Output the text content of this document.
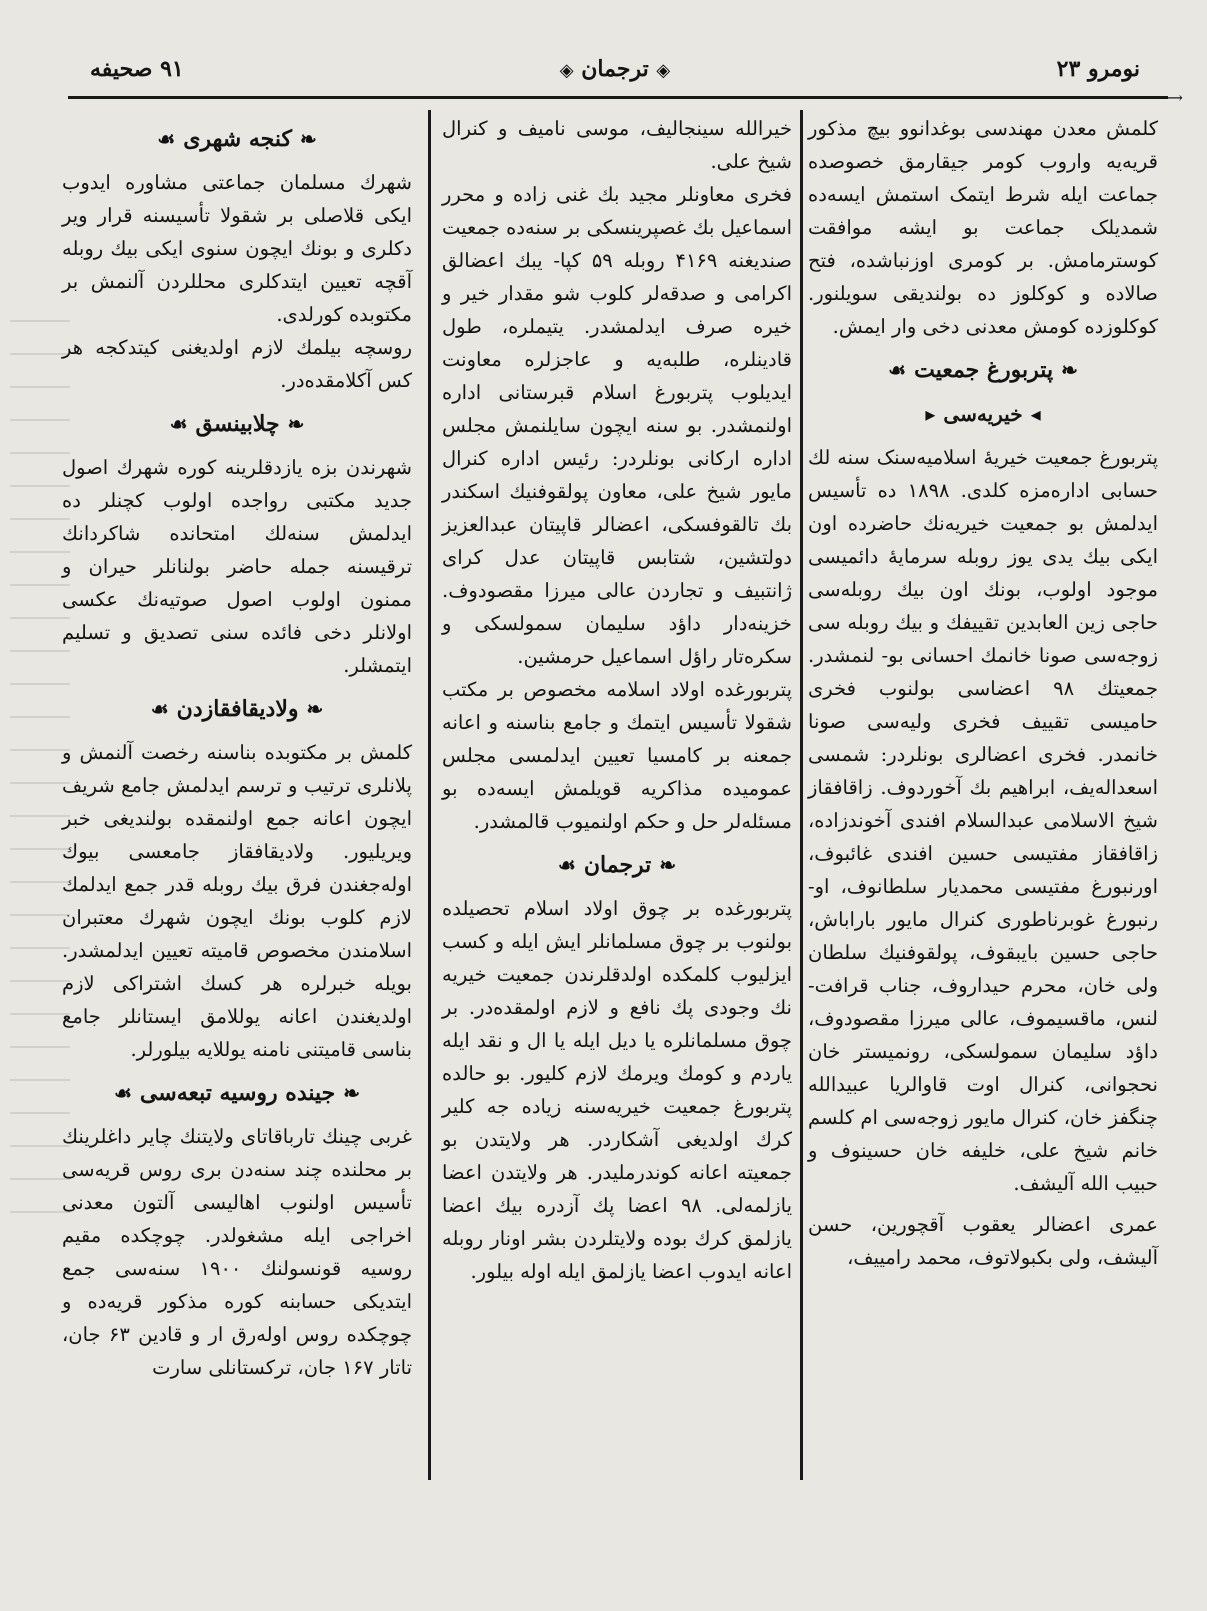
۹۱ صحیفه	◈ ترجمان ◈	نومرو ۲۳
⟶

کلمش معدن مهندسی بوغدانوو بیچ مذکور قریه‌یه واروب کومر جیقارمق خصوصده جماعت ایله شرط ایتمک استمش ایسه‌ده شمدیلک جماعت بو ایشه موافقت کوسترمامش. بر کومری اوزنباشده، فتح صالاده و کوکلوز ده بولندیقی سویلنور. کوکلوزده کومش معدنی دخی وار ایمش.

❧پتربورغ جمعیت☙
◂خیریه‌سی▸

پتربورغ جمعیت خیریهٔ اسلامیه‌سنک سنه لك حسابی اداره‌مزه کلدی. ۱۸۹۸ ده تأسیس ایدلمش بو جمعیت خیریه‌نك حاضرده اون ایکی بیك یدی یوز روبله سرمایهٔ دائمیسی موجود اولوب، بونك اون بیك روبله‌سی حاجی زین العابدین تقییفك و بیك روبله سی زوجه‌سی صونا خانمك احسانی بو- لنمشدر. جمعیتك ۹۸ اعضاسی بولنوب فخری حامیسی تقییف فخری ولیه‌سی صونا خانمدر. فخری اعضالری بونلردر: شمسی اسعداله‌یف، ابراهیم بك آخوردوف. زاقافقاز شیخ الاسلامی عبدالسلام افندی آخوندزاده، زاقافقاز مفتیسی حسین افندی غائبوف، اورنبورغ مفتیسی محمدیار سلطانوف، او- رنبورغ غوبرناطوری کنرال مایور باراباش، حاجی حسین بایبقوف، پولقوفنیك سلطان ولی خان، محرم حیداروف، جناب قرافت- لنس، ماقسیموف، عالی میرزا مقصودوف، داؤد سلیمان سمولسکی، رونمیستر خان نحجوانی، کنرال اوت قاوالریا عبیدالله چنگفز خان، کنرال مایور زوجه‌سی ام کلسم خانم شیخ علی، خلیفه خان حسینوف و حبیب الله آلیشف.

عمری اعضالر یعقوب آقچورین، حسن آلیشف، ولی بکبولاتوف، محمد رامییف،

خیرالله سینجالیف، موسی نامیف و کنرال شیخ علی.

فخری معاونلر مجید بك غنی زاده و محرر اسماعیل بك غصپرینسکی بر سنه‌ده جمعیت صندیغنه ۴۱۶۹ روبله ۵۹ کپا- یبك اعضالق اکرامی و صدقه‌لر کلوب شو مقدار خیر و خیره صرف ایدلمشدر. یتیملره، طول قادینلره، طلبه‌یه و عاجزلره معاونت ایدیلوب پتربورغ اسلام قبرستانی اداره اولنمشدر. بو سنه ایچون سایلنمش مجلس اداره ارکانی بونلردر: رئیس اداره کنرال مایور شیخ علی، معاون پولقوفنیك اسکندر بك تالقوفسکی، اعضالر قاپیتان عبدالعزیز دولتشین، شتابس قاپیتان عدل کرای ژانتبیف و تجاردن عالی میرزا مقصودوف. خزینه‌دار داؤد سلیمان سمولسکی و سکره‌تار راؤل اسماعیل حرمشین.

پتربورغده اولاد اسلامه مخصوص بر مکتب شقولا تأسیس ایتمك و جامع بناسنه و اعانه جمعنه بر کامسیا تعیین ایدلمسی مجلس عمومیده مذاکریه قویلمش ایسه‌ده بو مسئله‌لر حل و حکم اولنمیوب قالمشدر.

❧ترجمان☙

پتربورغده بر چوق اولاد اسلام تحصیلده بولنوب بر چوق مسلمانلر ایش ایله و کسب ایزلیوب کلمکده اولدقلرندن جمعیت خیریه نك وجودی پك نافع و لازم اولمقده‌در. بر چوق مسلمانلره یا دیل ایله یا ال و نقد ایله یاردم و کومك ویرمك لازم کلیور. بو حالده پتربورغ جمعیت خیریه‌سنه زیاده جه کلیر کرك اولدیغی آشکاردر. هر ولایتدن بو جمعیته اعانه کوندرملیدر. هر ولایتدن اعضا یازلمه‌لی. ۹۸ اعضا پك آزدره بیك اعضا یازلمق کرك بوده ولایتلردن بشر اونار روبله اعانه ایدوب اعضا یازلمق ایله اوله بیلور.

❧کنجه شهری☙

شهرك مسلمان جماعتی مشاوره ایدوب ایکی قلاصلی بر شقولا تأسیسنه قرار ویر دکلری و بونك ایچون سنوی ایکی بیك روبله آقچه تعیین ایتدکلری محللردن آلنمش بر مکتوبده کورلدی.

روسچه بیلمك لازم اولدیغنی کیتدکجه هر کس آکلامقده‌در.

❧چلابینسق☙

شهرندن بزه یازدقلرینه کوره شهرك اصول جدید مکتبی رواجده اولوب کچنلر ده ایدلمش سنه‌لك امتحانده شاکردانك ترقیسنه جمله حاضر بولنانلر حیران و ممنون اولوب اصول صوتیه‌نك عکسی اولانلر دخی فائده سنی تصدیق و تسلیم ایتمشلر.

❧ولادیقافقازدن☙

کلمش بر مکتوبده بناسنه رخصت آلنمش و پلانلری ترتیب و ترسم ایدلمش جامع شریف ایچون اعانه جمع اولنمقده بولندیغی خبر ویریلیور. ولادیقافقاز جامعسی بیوك اوله‌جغندن فرق بیك روبله قدر جمع ایدلمك لازم کلوب بونك ایچون شهرك معتبران اسلامندن مخصوص قامیته تعیین ایدلمشدر. بویله خبرلره هر کسك اشتراکی لازم اولدیغندن اعانه یوللامق ایستانلر جامع بناسی قامیتنی نامنه یوللایه بیلورلر.

❧جینده روسیه تبعه‌سی☙

غربی چینك تارباقاتای ولایتنك چایر داغلرینك بر محلنده چند سنه‌دن بری روس قریه‌سی تأسیس اولنوب اهالیسی آلتون معدنی اخراجی ایله مشغولدر. چوچکده مقیم روسیه قونسولنك ۱۹۰۰ سنه‌سی جمع ایتدیکی حسابنه کوره مذکور قریه‌ده و چوچکده روس اوله‌رق ار و قادین ۶۳ جان، تاتار ۱۶۷ جان، ترکستانلی سارت
